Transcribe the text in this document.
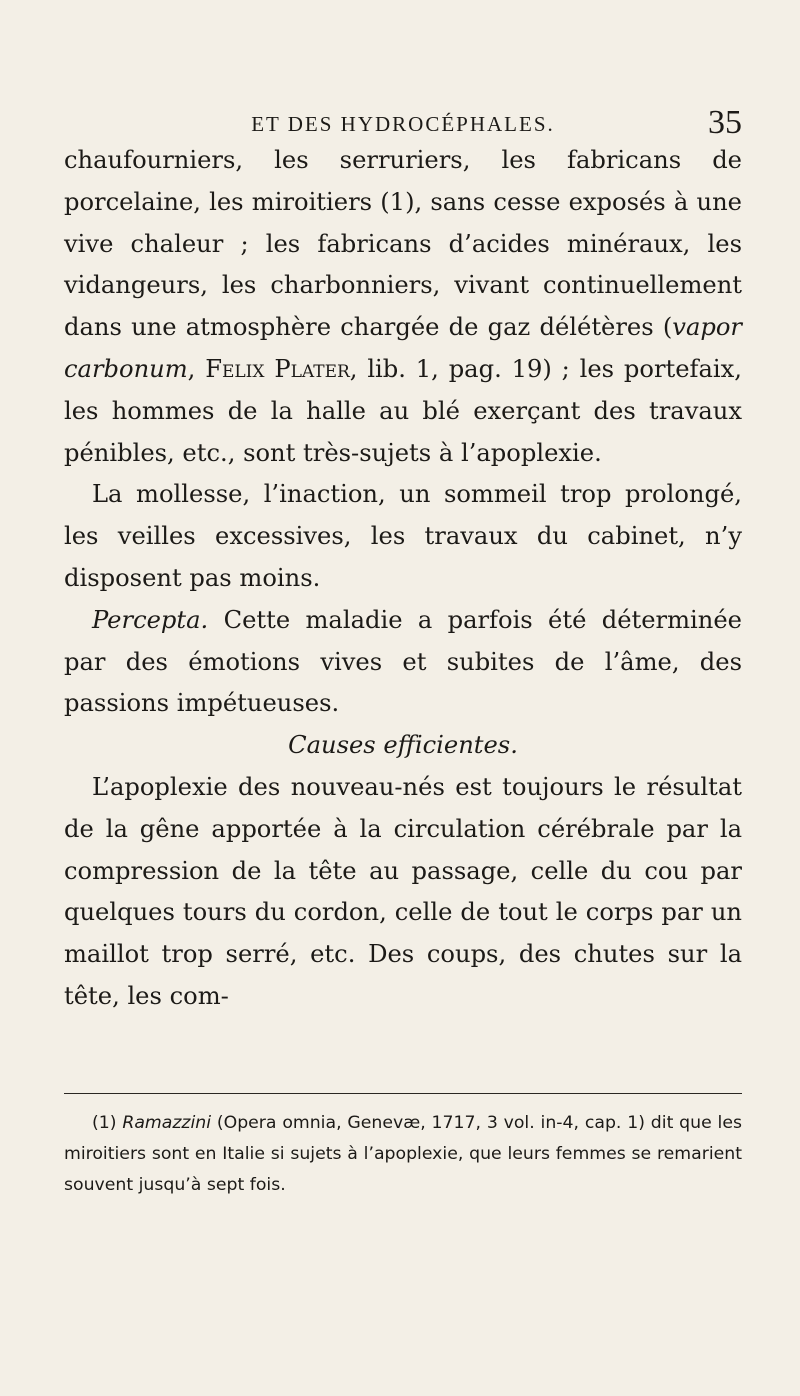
ET DES HYDROCÉPHALES.	35

chaufourniers, les serruriers, les fabricans de porcelaine, les miroitiers (1), sans cesse exposés à une vive chaleur ; les fabricans d’acides minéraux, les vidangeurs, les charbonniers, vivant continuellement dans une atmosphère chargée de gaz délétères (vapor carbonum, Felix Plater, lib. 1, pag. 19) ; les portefaix, les hommes de la halle au blé exerçant des travaux pénibles, etc., sont très-sujets à l’apoplexie.

La mollesse, l’inaction, un sommeil trop prolongé, les veilles excessives, les travaux du cabinet, n’y disposent pas moins.

Percepta. Cette maladie a parfois été déterminée par des émotions vives et subites de l’âme, des passions impétueuses.

Causes efficientes.

L’apoplexie des nouveau-nés est toujours le résultat de la gêne apportée à la circulation cérébrale par la compression de la tête au passage, celle du cou par quelques tours du cordon, celle de tout le corps par un maillot trop serré, etc. Des coups, des chutes sur la tête, les com-

(1) Ramazzini (Opera omnia, Genevæ, 1717, 3 vol. in-4, cap. 1) dit que les miroitiers sont en Italie si sujets à l’apoplexie, que leurs femmes se remarient souvent jusqu’à sept fois.
